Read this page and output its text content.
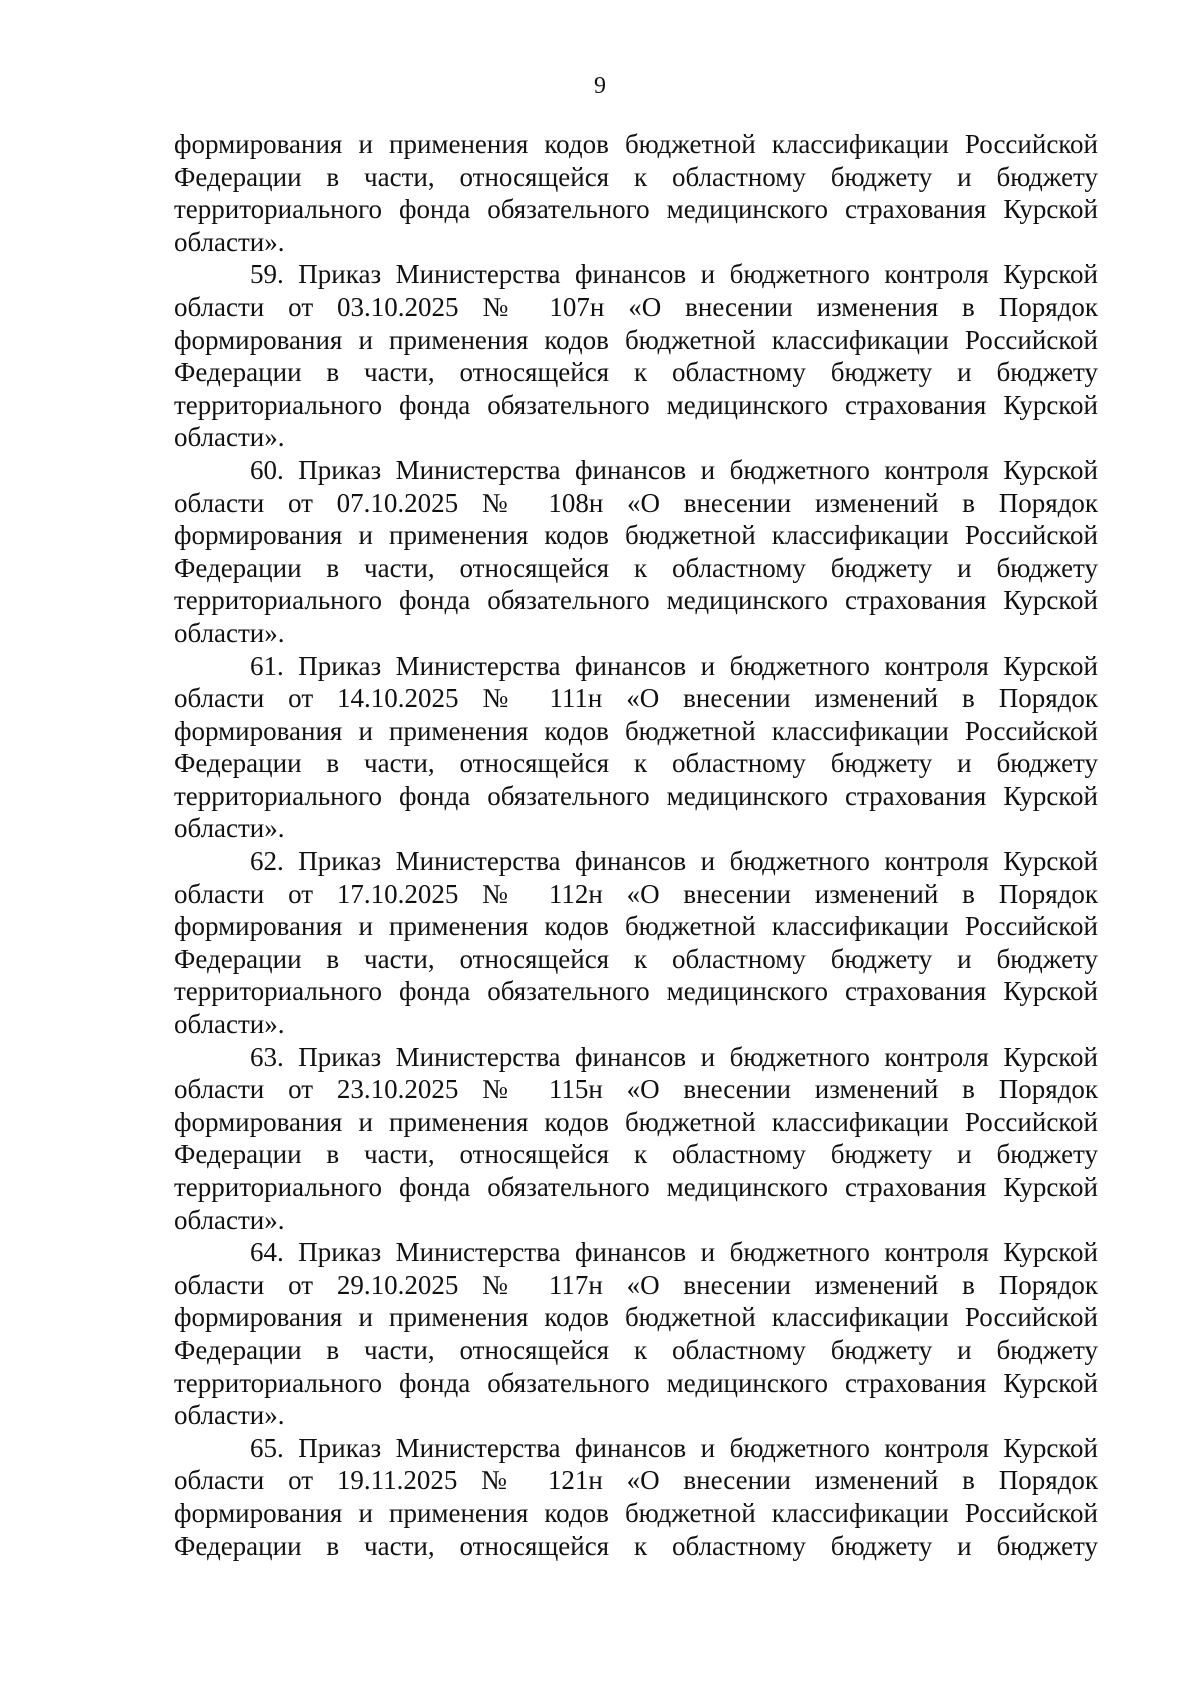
9

формирования и применения кодов бюджетной классификации Российской Федерации в части, относящейся к областному бюджету и бюджету территориального фонда обязательного медицинского страхования Курской области».

59. Приказ Министерства финансов и бюджетного контроля Курской области от 03.10.2025 № 107н «О внесении изменения в Порядок формирования и применения кодов бюджетной классификации Российской Федерации в части, относящейся к областному бюджету и бюджету территориального фонда обязательного медицинского страхования Курской области».

60. Приказ Министерства финансов и бюджетного контроля Курской области от 07.10.2025 № 108н «О внесении изменений в Порядок формирования и применения кодов бюджетной классификации Российской Федерации в части, относящейся к областному бюджету и бюджету территориального фонда обязательного медицинского страхования Курской области».

61. Приказ Министерства финансов и бюджетного контроля Курской области от 14.10.2025 № 111н «О внесении изменений в Порядок формирования и применения кодов бюджетной классификации Российской Федерации в части, относящейся к областному бюджету и бюджету территориального фонда обязательного медицинского страхования Курской области».

62. Приказ Министерства финансов и бюджетного контроля Курской области от 17.10.2025 № 112н «О внесении изменений в Порядок формирования и применения кодов бюджетной классификации Российской Федерации в части, относящейся к областному бюджету и бюджету территориального фонда обязательного медицинского страхования Курской области».

63. Приказ Министерства финансов и бюджетного контроля Курской области от 23.10.2025 № 115н «О внесении изменений в Порядок формирования и применения кодов бюджетной классификации Российской Федерации в части, относящейся к областному бюджету и бюджету территориального фонда обязательного медицинского страхования Курской области».

64. Приказ Министерства финансов и бюджетного контроля Курской области от 29.10.2025 № 117н «О внесении изменений в Порядок формирования и применения кодов бюджетной классификации Российской Федерации в части, относящейся к областному бюджету и бюджету территориального фонда обязательного медицинского страхования Курской области».

65. Приказ Министерства финансов и бюджетного контроля Курской области от 19.11.2025 № 121н «О внесении изменений в Порядок формирования и применения кодов бюджетной классификации Российской Федерации в части, относящейся к областному бюджету и бюджету
